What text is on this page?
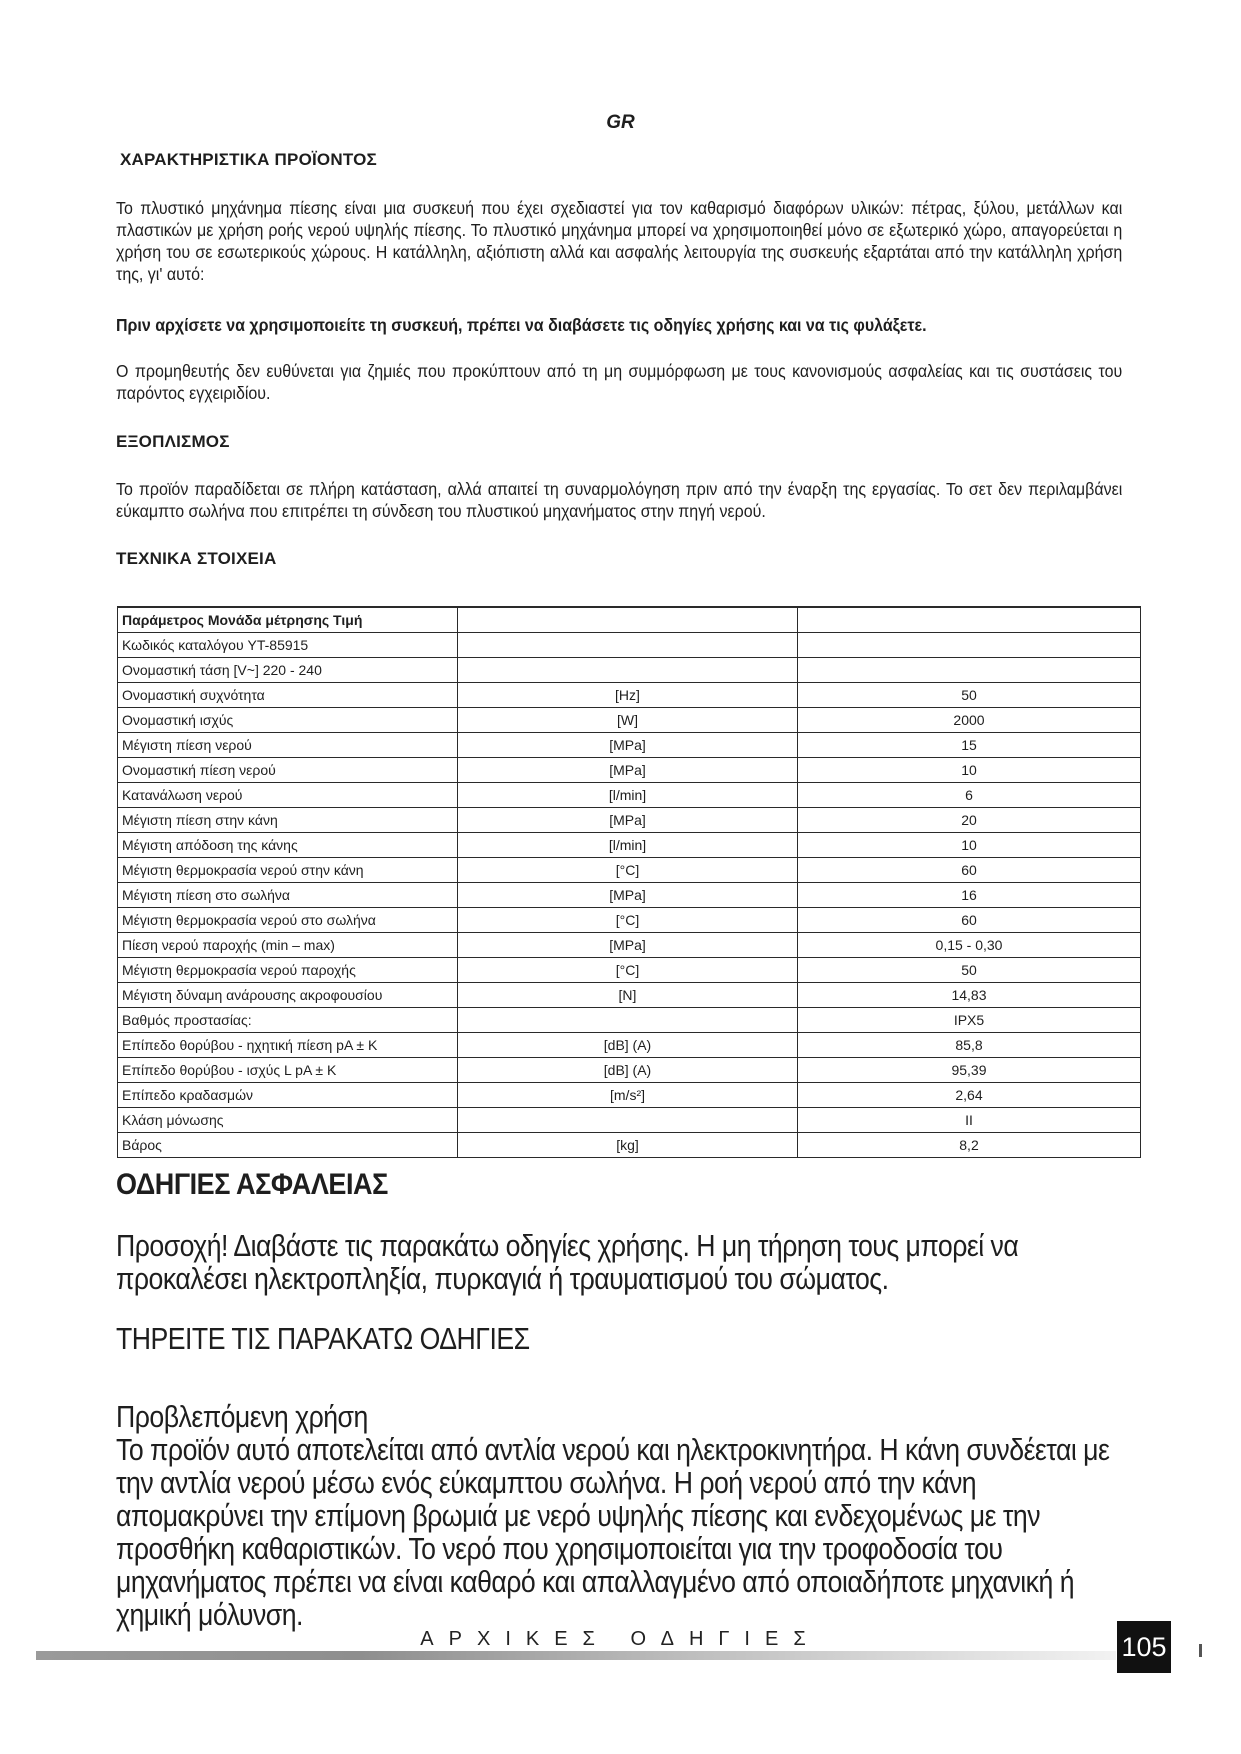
GR
ΧΑΡΑΚΤΗΡΙΣΤΙΚΑ ΠΡΟΪΟΝΤΟΣ
Το πλυστικό μηχάνημα πίεσης είναι μια συσκευή που έχει σχεδιαστεί για τον καθαρισμό διαφόρων υλικών: πέτρας, ξύλου, μετάλλων και πλαστικών με χρήση ροής νερού υψηλής πίεσης. Το πλυστικό μηχάνημα μπορεί να χρησιμοποιηθεί μόνο σε εξωτερικό χώρο, απαγορεύεται η χρήση του σε εσωτερικούς χώρους. Η κατάλληλη, αξιόπιστη αλλά και ασφαλής λειτουργία της συσκευής εξαρτάται από την κατάλληλη χρήση της, γι' αυτό:
Πριν αρχίσετε να χρησιμοποιείτε τη συσκευή, πρέπει να διαβάσετε τις οδηγίες χρήσης και να τις φυλάξετε.
Ο προμηθευτής δεν ευθύνεται για ζημιές που προκύπτουν από τη μη συμμόρφωση με τους κανονισμούς ασφαλείας και τις συστάσεις του παρόντος εγχειριδίου.
ΕΞΟΠΛΙΣΜΟΣ
Το προϊόν παραδίδεται σε πλήρη κατάσταση, αλλά απαιτεί τη συναρμολόγηση πριν από την έναρξη της εργασίας. Το σετ δεν περιλαμβάνει εύκαμπτο σωλήνα που επιτρέπει τη σύνδεση του πλυστικού μηχανήματος στην πηγή νερού.
ΤΕΧΝΙΚΑ ΣΤΟΙΧΕΙΑ
Παράμετρος Μονάδα μέτρησης Τιμή		
Κωδικός καταλόγου YT-85915		
Ονομαστική τάση [V~] 220 - 240		
Ονομαστική συχνότητα	[Hz]	50
Ονομαστική ισχύς	[W]	2000
Μέγιστη πίεση νερού	[MPa]	15
Ονομαστική πίεση νερού	[MPa]	10
Κατανάλωση νερού	[l/min]	6
Μέγιστη πίεση στην κάνη	[MPa]	20
Μέγιστη απόδοση της κάνης	[l/min]	10
Μέγιστη θερμοκρασία νερού στην κάνη	[°C]	60
Μέγιστη πίεση στο σωλήνα	[MPa]	16
Μέγιστη θερμοκρασία νερού στο σωλήνα	[°C]	60
Πίεση νερού παροχής (min – max)	[MPa]	0,15 - 0,30
Μέγιστη θερμοκρασία νερού παροχής	[°C]	50
Μέγιστη δύναμη ανάρουσης ακροφουσίου	[N]	14,83
Βαθμός προστασίας:		IPX5
Επίπεδο θορύβου - ηχητική πίεση pA ± K	[dB] (A)	85,8
Επίπεδο θορύβου - ισχύς L pA ± K	[dB] (A)	95,39
Επίπεδο κραδασμών	[m/s²]	2,64
Κλάση μόνωσης		II
Βάρος	[kg]	8,2
ΟΔΗΓΙΕΣ ΑΣΦΑΛΕΙΑΣ
Προσοχή! Διαβάστε τις παρακάτω οδηγίες χρήσης. Η μη τήρηση τους μπορεί να προκαλέσει ηλεκτροπληξία, πυρκαγιά ή τραυματισμού του σώματος.
ΤΗΡΕΙΤΕ ΤΙΣ ΠΑΡΑΚΑΤΩ ΟΔΗΓΙΕΣ
Προβλεπόμενη χρήση
Το προϊόν αυτό αποτελείται από αντλία νερού και ηλεκτροκινητήρα. Η κάνη συνδέεται με την αντλία νερού μέσω ενός εύκαμπτου σωλήνα. Η ροή νερού από την κάνη απομακρύνει την επίμονη βρωμιά με νερό υψηλής πίεσης και ενδεχομένως με την προσθήκη καθαριστικών. Το νερό που χρησιμοποιείται για την τροφοδοσία του μηχανήματος πρέπει να είναι καθαρό και απαλλαγμένο από οποιαδήποτε μηχανική ή χημική μόλυνση.
ΑΡΧΙΚΕΣ ΟΔΗΓΙΕΣ	105
